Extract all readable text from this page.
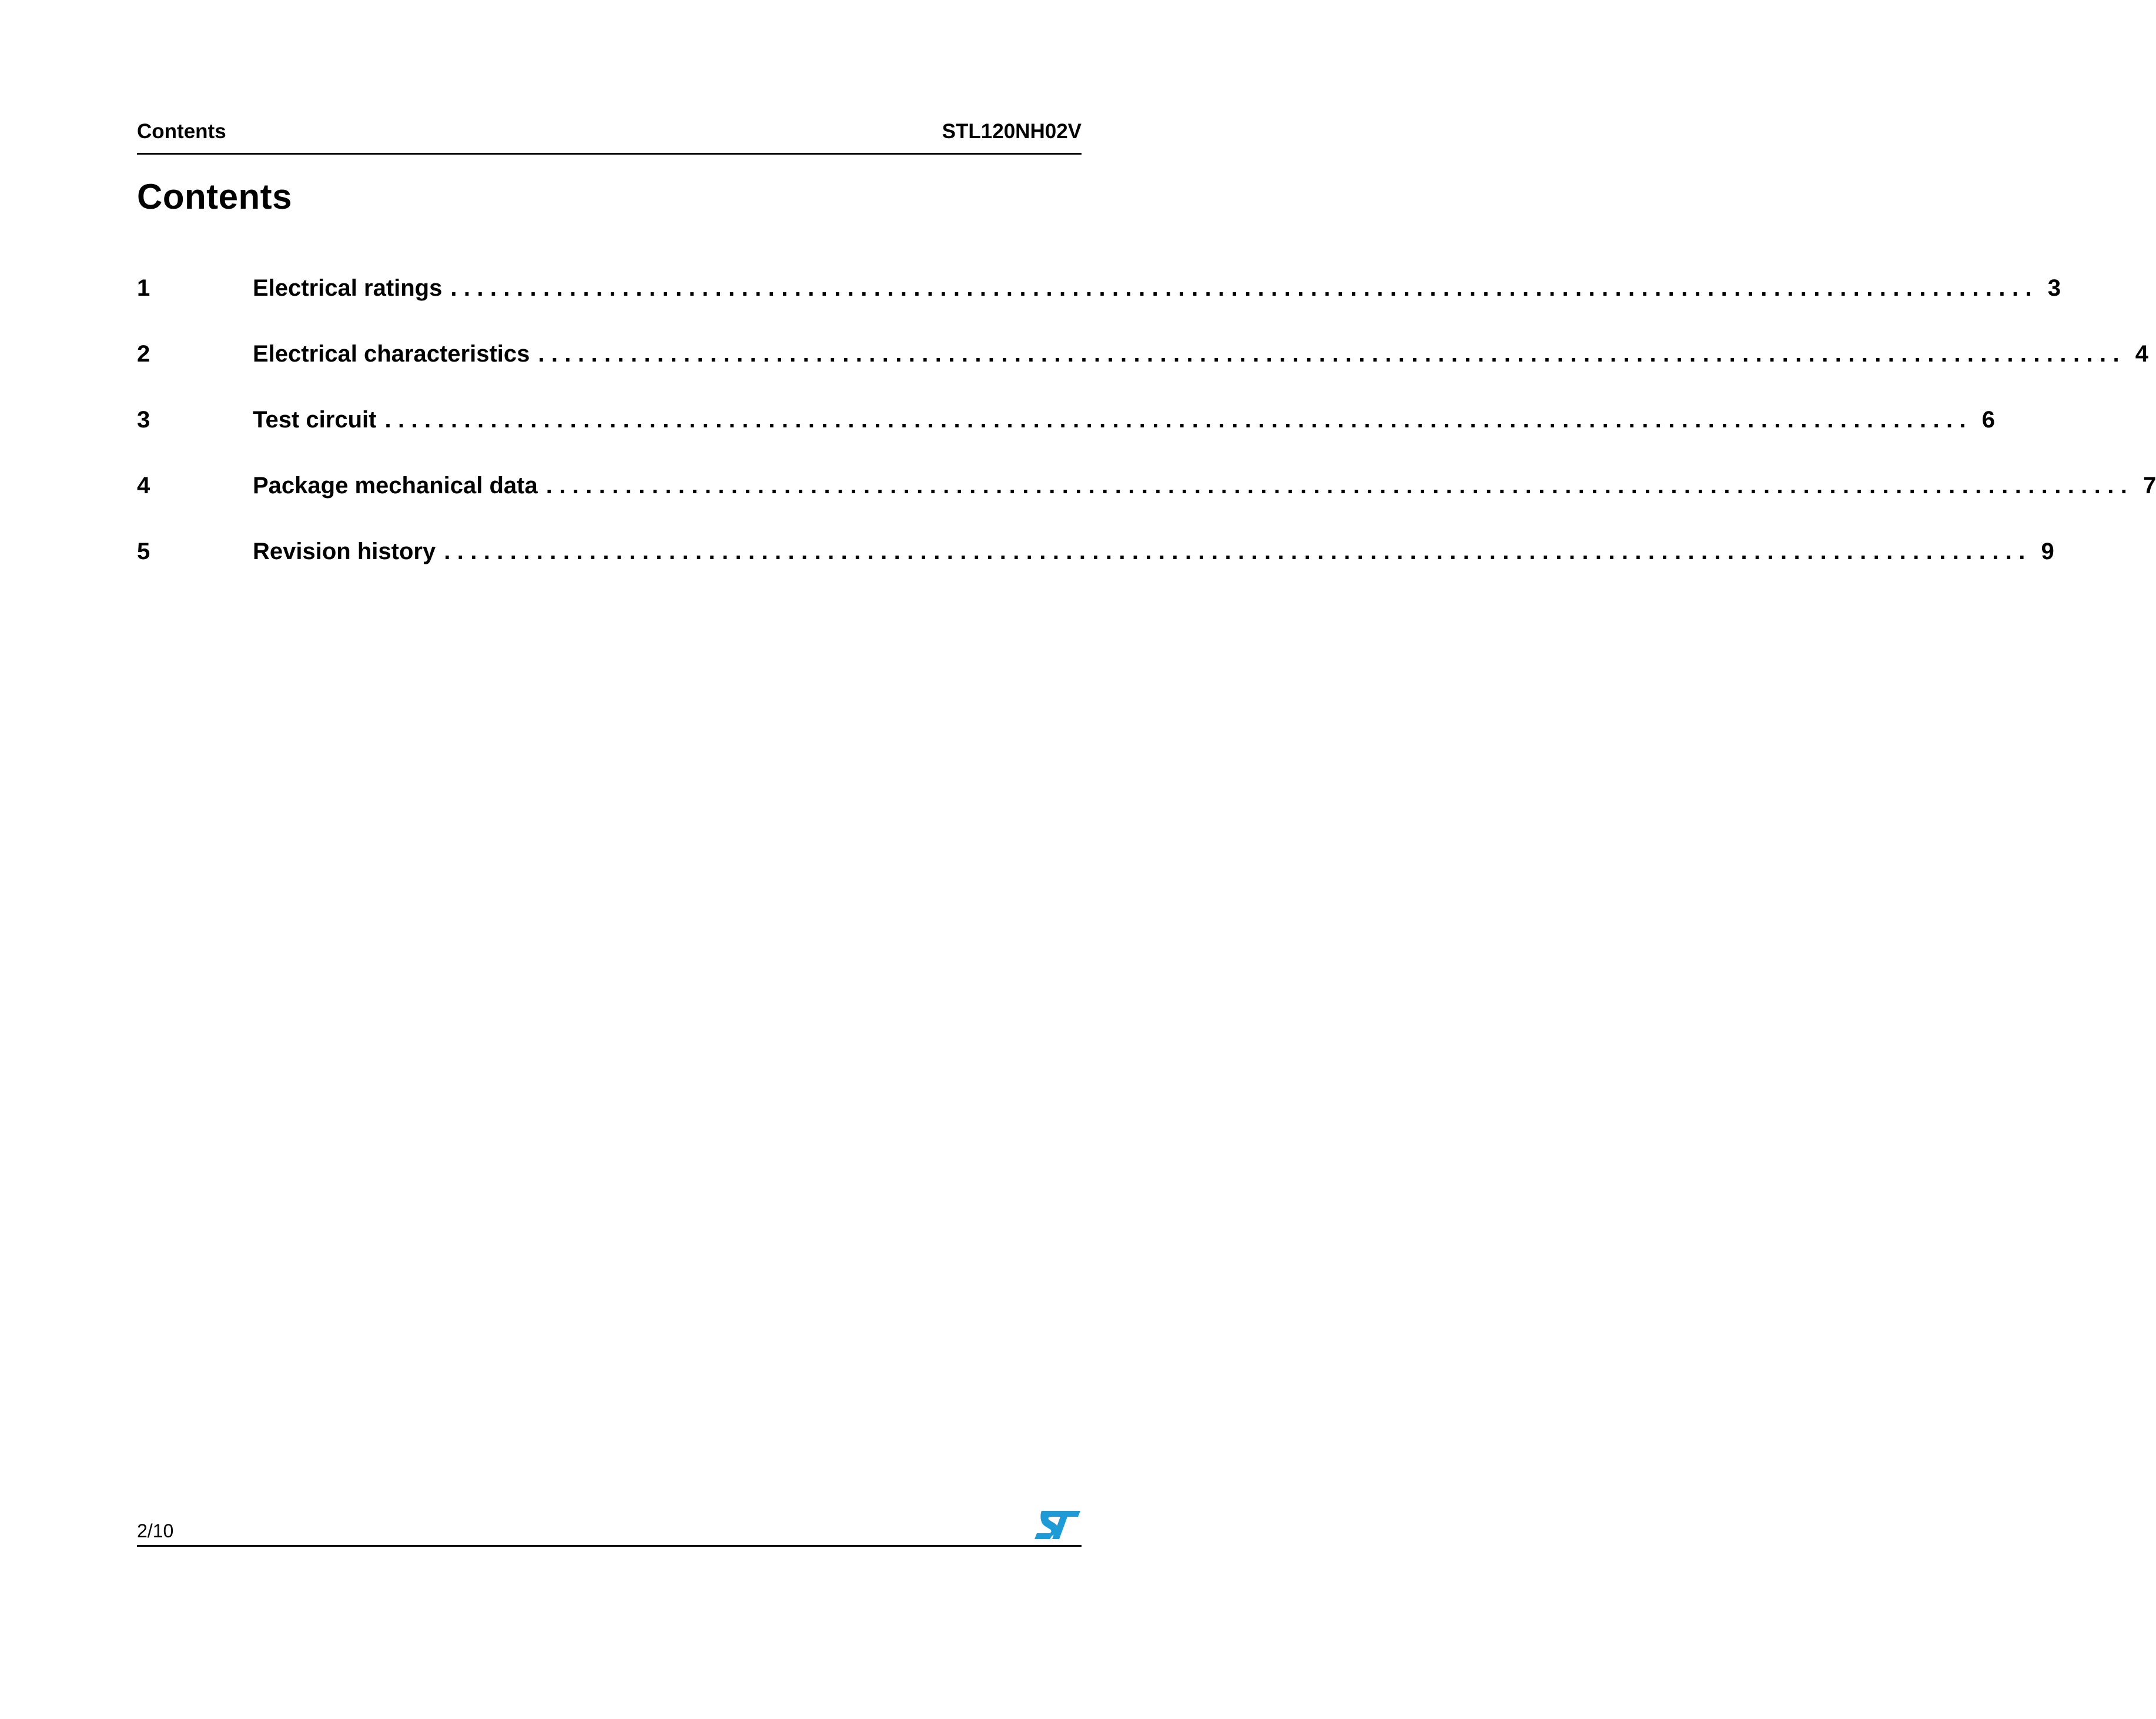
Contents	STL120NH02V
Contents
1	Electrical ratings ........................................................................................................................ 3
2	Electrical characteristics ........................................................................................................................ 4
3	Test circuit ........................................................................................................................ 6
4	Package mechanical data ........................................................................................................................ 7
5	Revision history ........................................................................................................................ 9
2/10
